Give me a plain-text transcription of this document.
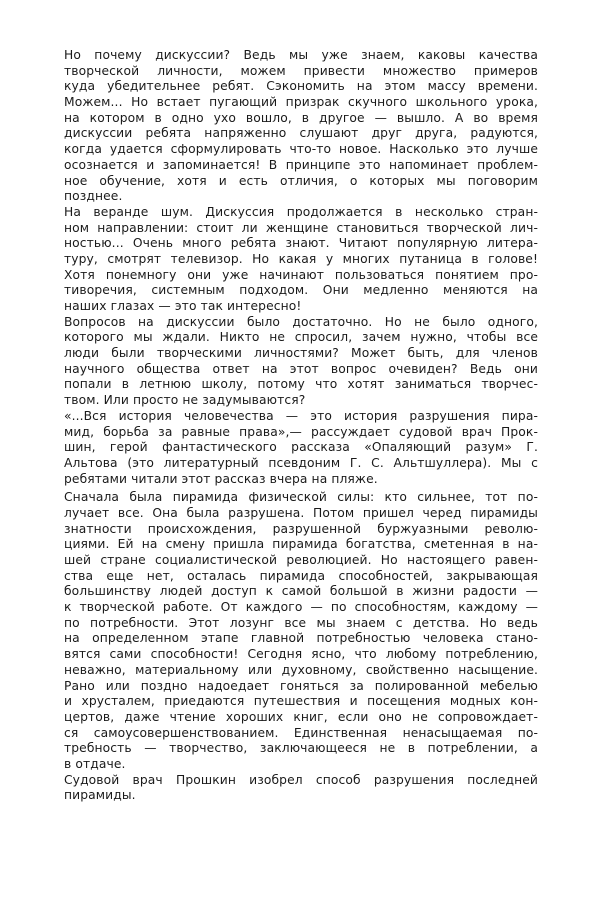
Но почему дискуссии? Ведь мы уже знаем, каковы качества
творческой личности, можем привести множество примеров
куда убедительнее ребят. Сэкономить на этом массу времени.
Можем... Но встает пугающий призрак скучного школьного урока,
на котором в одно ухо вошло, в другое — вышло. А во время
дискуссии ребята напряженно слушают друг друга, радуются,
когда удается сформулировать что-то новое. Насколько это лучше
осознается и запоминается! В принципе это напоминает проблем-
ное обучение, хотя и есть отличия, о которых мы поговорим
позднее.
На веранде шум. Дискуссия продолжается в несколько стран-
ном направлении: стоит ли женщине становиться творческой лич-
ностью... Очень много ребята знают. Читают популярную литера-
туру, смотрят телевизор. Но какая у многих путаница в голове!
Хотя понемногу они уже начинают пользоваться понятием про-
тиворечия, системным подходом. Они медленно меняются на
наших глазах — это так интересно!
Вопросов на дискуссии было достаточно. Но не было одного,
которого мы ждали. Никто не спросил, зачем нужно, чтобы все
люди были творческими личностями? Может быть, для членов
научного общества ответ на этот вопрос очевиден? Ведь они
попали в летнюю школу, потому что хотят заниматься творчес-
твом. Или просто не задумываются?
«...Вся история человечества — это история разрушения пира-
мид, борьба за равные права»,— рассуждает судовой врач Прок-
шин, герой фантастического рассказа «Опаляющий разум» Г.
Альтова (это литературный псевдоним Г. С. Альтшуллера). Мы с
ребятами читали этот рассказ вчера на пляже.
Сначала была пирамида физической силы: кто сильнее, тот по-
лучает все. Она была разрушена. Потом пришел черед пирамиды
знатности происхождения, разрушенной буржуазными револю-
циями. Ей на смену пришла пирамида богатства, сметенная в на-
шей стране социалистической революцией. Но настоящего равен-
ства еще нет, осталась пирамида способностей, закрывающая
большинству людей доступ к самой большой в жизни радости —
к творческой работе. От каждого — по способностям, каждому —
по потребности. Этот лозунг все мы знаем с детства. Но ведь
на определенном этапе главной потребностью человека стано-
вятся сами способности! Сегодня ясно, что любому потреблению,
неважно, материальному или духовному, свойственно насыщение.
Рано или поздно надоедает гоняться за полированной мебелью
и хрусталем, приедаются путешествия и посещения модных кон-
цертов, даже чтение хороших книг, если оно не сопровождает-
ся самоусовершенствованием. Единственная ненасыщаемая по-
требность — творчество, заключающееся не в потреблении, а
в отдаче.
Судовой врач Прошкин изобрел способ разрушения последней
пирамиды.
